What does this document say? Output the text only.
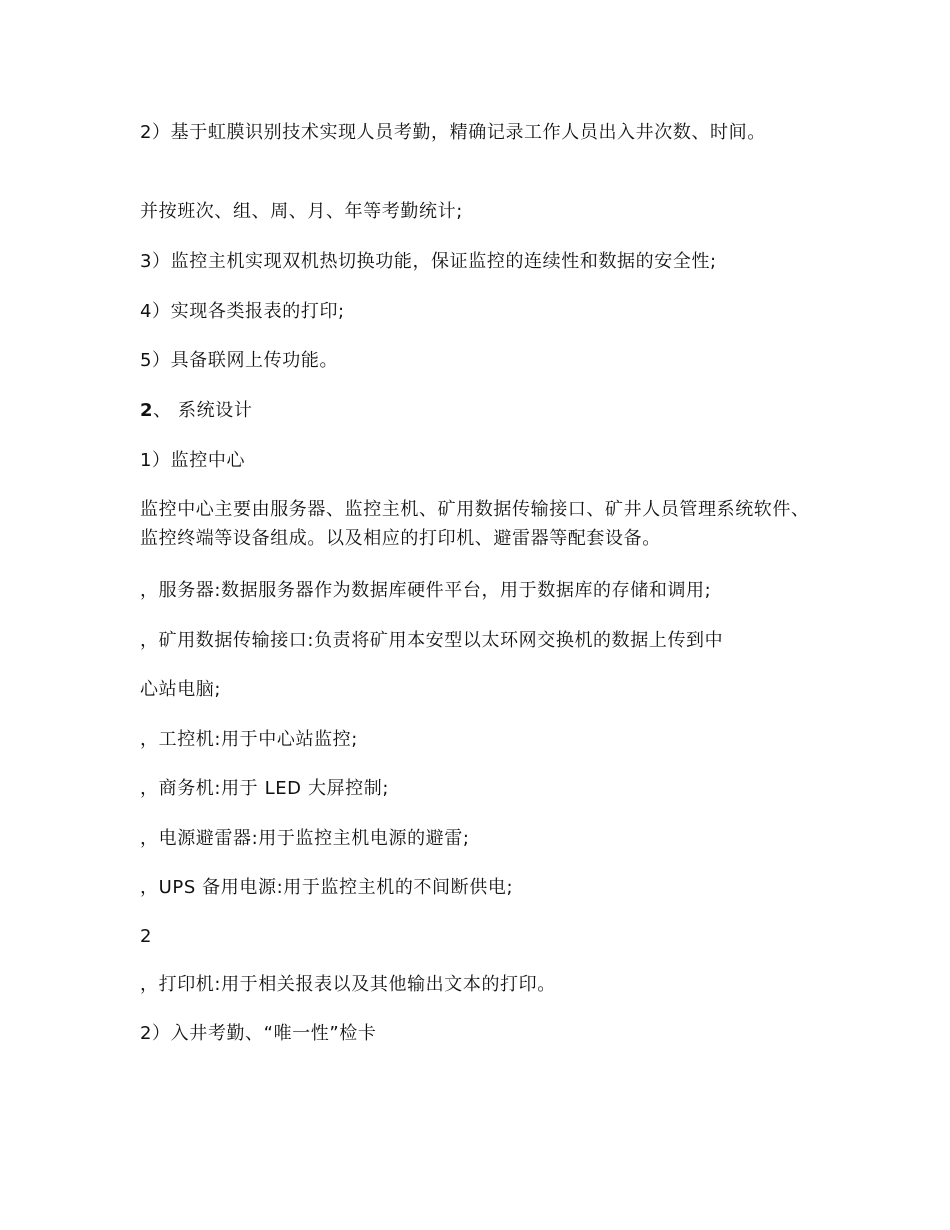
2）基于虹膜识别技术实现人员考勤，精确记录工作人员出入井次数、时间。

并按班次、组、周、月、年等考勤统计;

3）监控主机实现双机热切换功能，保证监控的连续性和数据的安全性;

4）实现各类报表的打印;

5）具备联网上传功能。

2、 系统设计

1）监控中心

监控中心主要由服务器、监控主机、矿用数据传输接口、矿井人员管理系统软件、监控终端等设备组成。以及相应的打印机、避雷器等配套设备。

，服务器:数据服务器作为数据库硬件平台，用于数据库的存储和调用;

，矿用数据传输接口:负责将矿用本安型以太环网交换机的数据上传到中

心站电脑;

，工控机:用于中心站监控;

，商务机:用于 LED 大屏控制;

，电源避雷器:用于监控主机电源的避雷;

，UPS 备用电源:用于监控主机的不间断供电;

2

，打印机:用于相关报表以及其他输出文本的打印。

2）入井考勤、“唯一性”检卡
